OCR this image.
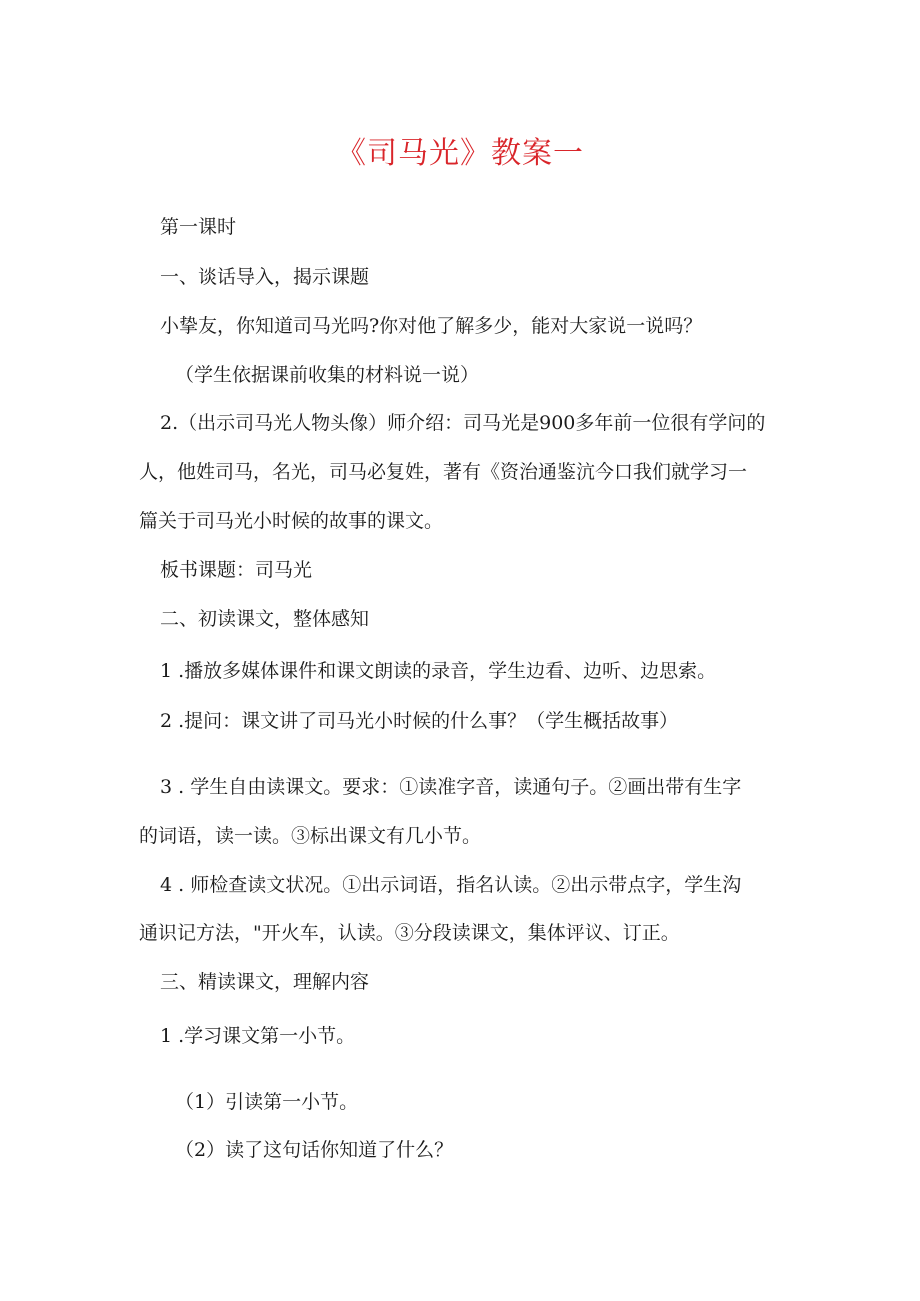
《司马光》教案一
第一课时
一、谈话导入，揭示课题
小挚友，你知道司马光吗?你对他了解多少，能对大家说一说吗？
（学生依据课前收集的材料说一说）
2.（出示司马光人物头像）师介绍：司马光是900多年前一位很有学问的
人，他姓司马，名光，司马必复姓，著有《资治通鉴沆今口我们就学习一
篇关于司马光小时候的故事的课文。
板书课题：司马光
二、初读课文，整体感知
1 .播放多媒体课件和课文朗读的录音，学生边看、边听、边思索。
2 .提问：课文讲了司马光小时候的什么事？（学生概括故事）
3 . 学生自由读课文。要求：①读准字音，读通句子。②画出带有生字
的词语，读一读。③标出课文有几小节。
4 . 师检查读文状况。①出示词语，指名认读。②出示带点字，学生沟
通识记方法，"开火车，认读。③分段读课文，集体评议、订正。
三、精读课文，理解内容
1 .学习课文第一小节。
（1）引读第一小节。
（2）读了这句话你知道了什么？
